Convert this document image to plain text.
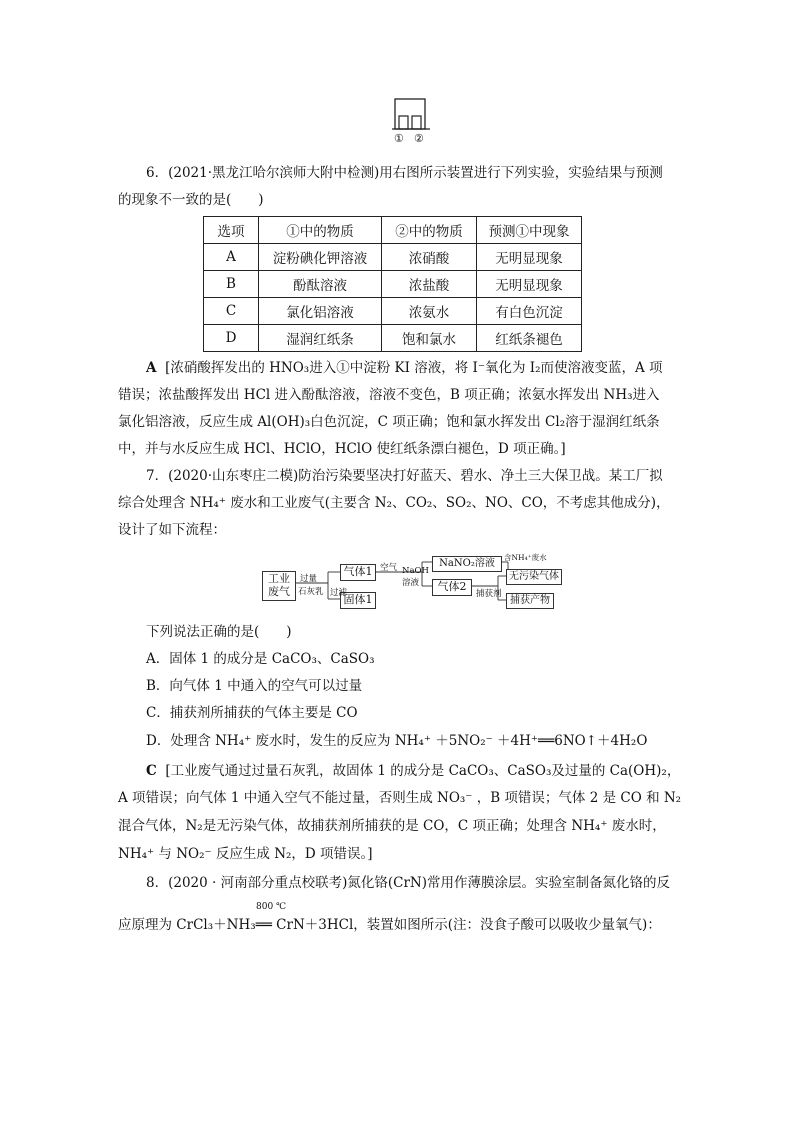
① ②
6．(2021·黑龙江哈尔滨师大附中检测)用右图所示装置进行下列实验，实验结果与预测
的现象不一致的是(　　)
选项	①中的物质	②中的物质	预测①中现象
A	淀粉碘化钾溶液	浓硝酸	无明显现象
B	酚酞溶液	浓盐酸	无明显现象
C	氯化铝溶液	浓氨水	有白色沉淀
D	湿润红纸条	饱和氯水	红纸条褪色
A [浓硝酸挥发出的 HNO₃进入①中淀粉 KI 溶液，将 I⁻氧化为 I₂而使溶液变蓝，A 项
错误；浓盐酸挥发出 HCl 进入酚酞溶液，溶液不变色，B 项正确；浓氨水挥发出 NH₃进入
氯化铝溶液，反应生成 Al(OH)₃白色沉淀，C 项正确；饱和氯水挥发出 Cl₂溶于湿润红纸条
中，并与水反应生成 HCl、HClO，HClO 使红纸条漂白褪色，D 项正确。]
7．(2020·山东枣庄二模)防治污染要坚决打好蓝天、碧水、净土三大保卫战。某工厂拟
综合处理含 NH₄⁺ 废水和工业废气(主要含 N₂、CO₂、SO₂、NO、CO，不考虑其他成分)，
设计了如下流程：
工业废气
气体1
固体1
NaNO₂溶液
气体2
无污染气体
捕获产物
过量
石灰乳 过滤
空气 NaOH
溶液
含NH₄⁺废水
捕获剂
下列说法正确的是(　　)
A．固体 1 的成分是 CaCO₃、CaSO₃
B．向气体 1 中通入的空气可以过量
C．捕获剂所捕获的气体主要是 CO
D．处理含 NH₄⁺ 废水时，发生的反应为 NH₄⁺ ＋5NO₂⁻ ＋4H⁺══6NO↑＋4H₂O
C [工业废气通过过量石灰乳，故固体 1 的成分是 CaCO₃、CaSO₃及过量的 Ca(OH)₂，
A 项错误；向气体 1 中通入空气不能过量，否则生成 NO₃⁻ ，B 项错误；气体 2 是 CO 和 N₂
混合气体，N₂是无污染气体，故捕获剂所捕获的是 CO，C 项正确；处理含 NH₄⁺ 废水时，
NH₄⁺ 与 NO₂⁻ 反应生成 N₂，D 项错误。]
8．(2020 · 河南部分重点校联考)氮化铬(CrN)常用作薄膜涂层。实验室制备氮化铬的反
800 ℃
应原理为 CrCl₃＋NH₃══ CrN＋3HCl，装置如图所示(注：没食子酸可以吸收少量氧气)：
